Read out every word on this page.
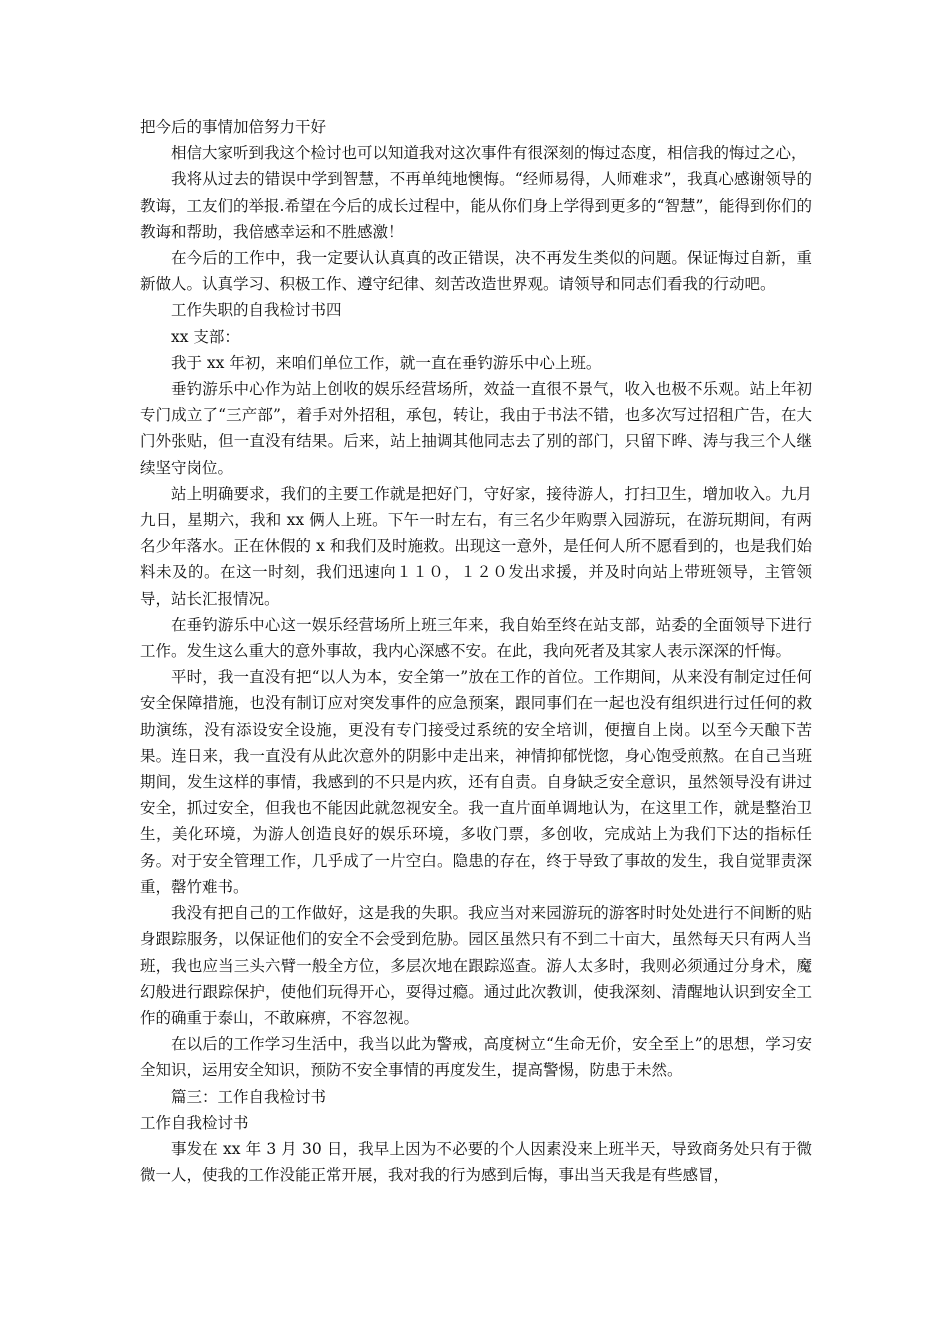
把今后的事情加倍努力干好

相信大家听到我这个检讨也可以知道我对这次事件有很深刻的悔过态度，相信我的悔过之心，

我将从过去的错误中学到智慧，不再单纯地懊悔。“经师易得，人师难求”，我真心感谢领导的教诲，工友们的举报.希望在今后的成长过程中，能从你们身上学得到更多的“智慧”，能得到你们的教诲和帮助，我倍感幸运和不胜感激！

在今后的工作中，我一定要认认真真的改正错误，决不再发生类似的问题。保证悔过自新，重新做人。认真学习、积极工作、遵守纪律、刻苦改造世界观。请领导和同志们看我的行动吧。

工作失职的自我检讨书四

xx 支部：

我于 xx 年初，来咱们单位工作，就一直在垂钓游乐中心上班。

垂钓游乐中心作为站上创收的娱乐经营场所，效益一直很不景气，收入也极不乐观。站上年初专门成立了“三产部”，着手对外招租，承包，转让，我由于书法不错，也多次写过招租广告，在大门外张贴，但一直没有结果。后来，站上抽调其他同志去了别的部门，只留下晔、涛与我三个人继续坚守岗位。

站上明确要求，我们的主要工作就是把好门，守好家，接待游人，打扫卫生，增加收入。九月九日，星期六，我和 xx 俩人上班。下午一时左右，有三名少年购票入园游玩，在游玩期间，有两名少年落水。正在休假的 x 和我们及时施救。出现这一意外，是任何人所不愿看到的，也是我们始料未及的。在这一时刻，我们迅速向１１０，１２０发出求援，并及时向站上带班领导，主管领导，站长汇报情况。

在垂钓游乐中心这一娱乐经营场所上班三年来，我自始至终在站支部，站委的全面领导下进行工作。发生这么重大的意外事故，我内心深感不安。在此，我向死者及其家人表示深深的忏悔。

平时，我一直没有把“以人为本，安全第一”放在工作的首位。工作期间，从来没有制定过任何安全保障措施，也没有制订应对突发事件的应急预案，跟同事们在一起也没有组织进行过任何的救助演练，没有添设安全设施，更没有专门接受过系统的安全培训，便擅自上岗。以至今天酿下苦果。连日来，我一直没有从此次意外的阴影中走出来，神情抑郁恍惚，身心饱受煎熬。在自己当班期间，发生这样的事情，我感到的不只是内疚，还有自责。自身缺乏安全意识，虽然领导没有讲过安全，抓过安全，但我也不能因此就忽视安全。我一直片面单调地认为，在这里工作，就是整治卫生，美化环境，为游人创造良好的娱乐环境，多收门票，多创收，完成站上为我们下达的指标任务。对于安全管理工作，几乎成了一片空白。隐患的存在，终于导致了事故的发生，我自觉罪责深重，罄竹难书。

我没有把自己的工作做好，这是我的失职。我应当对来园游玩的游客时时处处进行不间断的贴身跟踪服务，以保证他们的安全不会受到危胁。园区虽然只有不到二十亩大，虽然每天只有两人当班，我也应当三头六臂一般全方位，多层次地在跟踪巡查。游人太多时，我则必须通过分身术，魔幻般进行跟踪保护，使他们玩得开心，耍得过瘾。通过此次教训，使我深刻、清醒地认识到安全工作的确重于泰山，不敢麻痹，不容忽视。

在以后的工作学习生活中，我当以此为警戒，高度树立“生命无价，安全至上”的思想，学习安全知识，运用安全知识，预防不安全事情的再度发生，提高警惕，防患于未然。

篇三：工作自我检讨书

工作自我检讨书

事发在 xx 年 3 月 30 日，我早上因为不必要的个人因素没来上班半天，导致商务处只有于微微一人，使我的工作没能正常开展，我对我的行为感到后悔，事出当天我是有些感冒，
